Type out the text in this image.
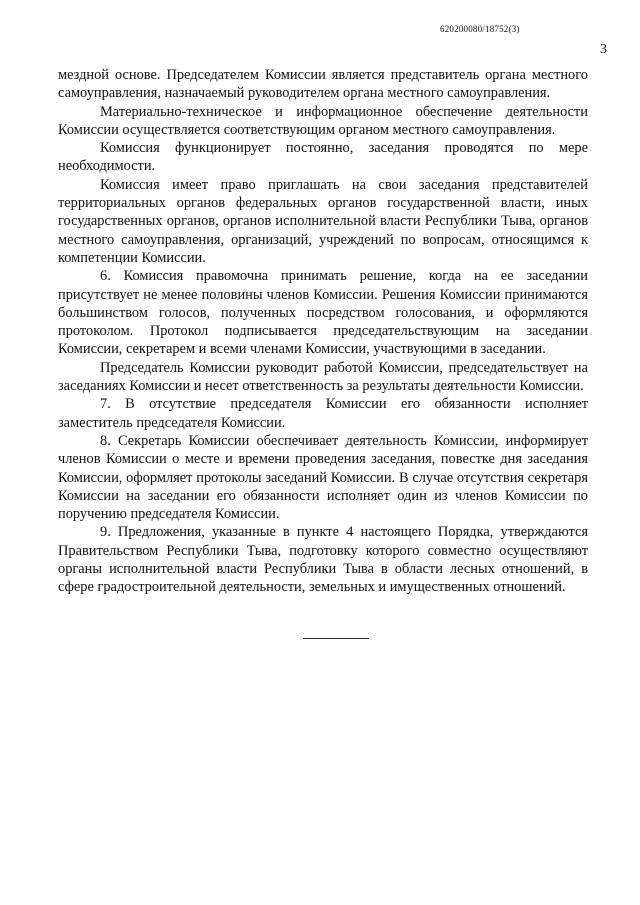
620200080/18752(3)
3

мездной основе. Председателем Комиссии является представитель органа местного самоуправления, назначаемый руководителем органа местного самоуправления.

Материально-техническое и информационное обеспечение деятельности Комиссии осуществляется соответствующим органом местного самоуправления.

Комиссия функционирует постоянно, заседания проводятся по мере необходимости.

Комиссия имеет право приглашать на свои заседания представителей территориальных органов федеральных органов государственной власти, иных государственных органов, органов исполнительной власти Республики Тыва, органов местного самоуправления, организаций, учреждений по вопросам, относящимся к компетенции Комиссии.

6. Комиссия правомочна принимать решение, когда на ее заседании присутствует не менее половины членов Комиссии. Решения Комиссии принимаются большинством голосов, полученных посредством голосования, и оформляются протоколом. Протокол подписывается председательствующим на заседании Комиссии, секретарем и всеми членами Комиссии, участвующими в заседании.

Председатель Комиссии руководит работой Комиссии, председательствует на заседаниях Комиссии и несет ответственность за результаты деятельности Комиссии.

7. В отсутствие председателя Комиссии его обязанности исполняет заместитель председателя Комиссии.

8. Секретарь Комиссии обеспечивает деятельность Комиссии, информирует членов Комиссии о месте и времени проведения заседания, повестке дня заседания Комиссии, оформляет протоколы заседаний Комиссии. В случае отсутствия секретаря Комиссии на заседании его обязанности исполняет один из членов Комиссии по поручению председателя Комиссии.

9. Предложения, указанные в пункте 4 настоящего Порядка, утверждаются Правительством Республики Тыва, подготовку которого совместно осуществляют органы исполнительной власти Республики Тыва в области лесных отношений, в сфере градостроительной деятельности, земельных и имущественных отношений.
